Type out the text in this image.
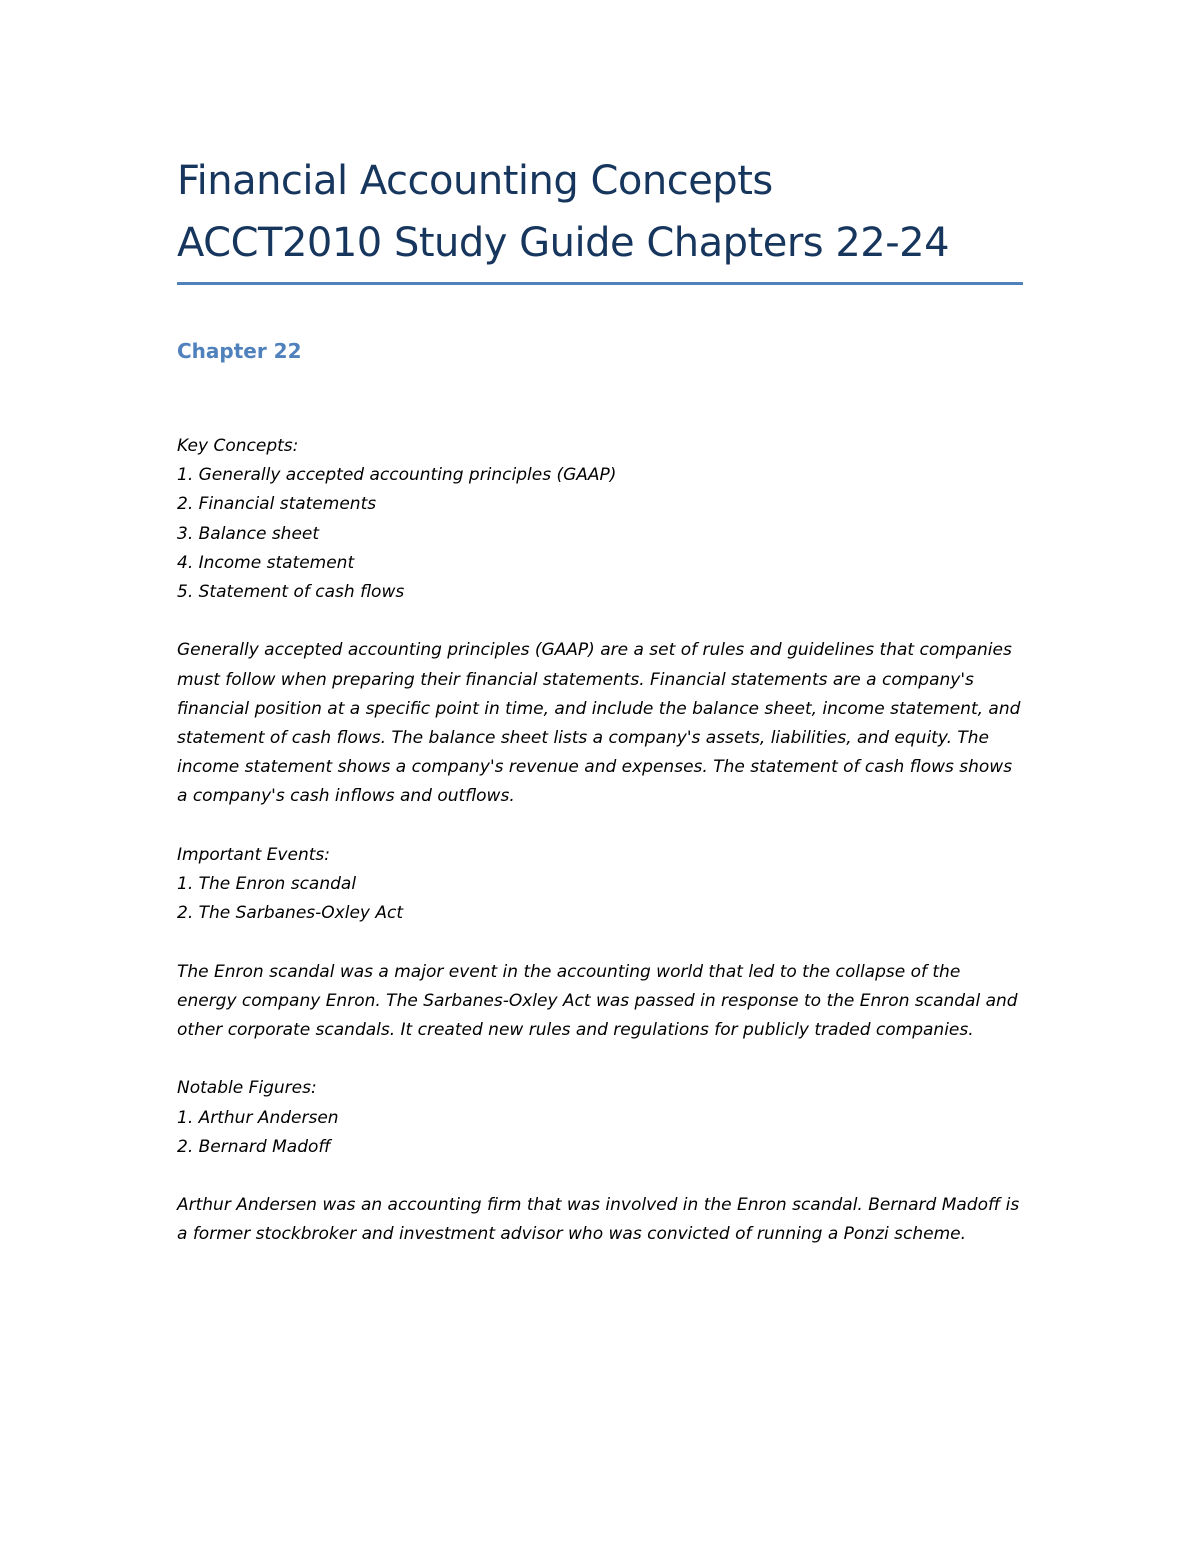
Financial Accounting Concepts
ACCT2010 Study Guide Chapters 22-24
Chapter 22
Key Concepts:
1. Generally accepted accounting principles (GAAP)
2. Financial statements
3. Balance sheet
4. Income statement
5. Statement of cash flows

Generally accepted accounting principles (GAAP) are a set of rules and guidelines that companies must follow when preparing their financial statements. Financial statements are a company's financial position at a specific point in time, and include the balance sheet, income statement, and statement of cash flows. The balance sheet lists a company's assets, liabilities, and equity. The income statement shows a company's revenue and expenses. The statement of cash flows shows a company's cash inflows and outflows.

Important Events:
1. The Enron scandal
2. The Sarbanes-Oxley Act

The Enron scandal was a major event in the accounting world that led to the collapse of the energy company Enron. The Sarbanes-Oxley Act was passed in response to the Enron scandal and other corporate scandals. It created new rules and regulations for publicly traded companies.

Notable Figures:
1. Arthur Andersen
2. Bernard Madoff

Arthur Andersen was an accounting firm that was involved in the Enron scandal. Bernard Madoff is a former stockbroker and investment advisor who was convicted of running a Ponzi scheme.
